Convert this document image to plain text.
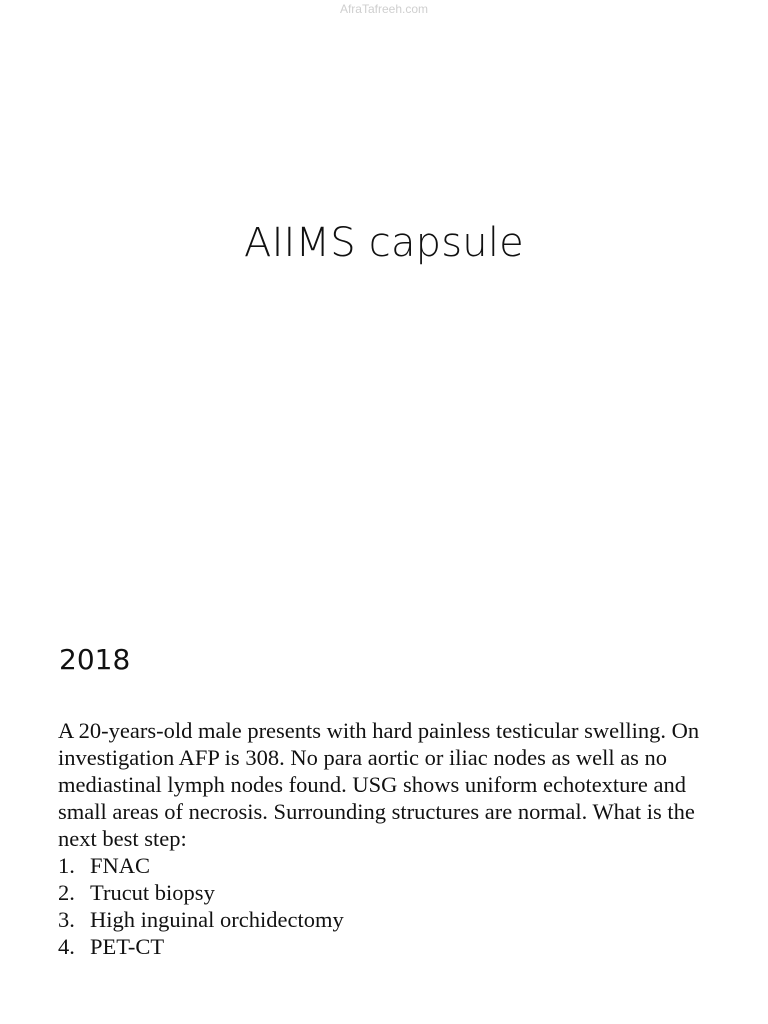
AfraTafreeh.com
AIIMS capsule
2018

A 20-years-old male presents with hard painless testicular swelling. On investigation AFP is 308. No para aortic or iliac nodes as well as no mediastinal lymph nodes found. USG shows uniform echotexture and small areas of necrosis. Surrounding structures are normal. What is the next best step:

1. FNAC
2. Trucut biopsy
3. High inguinal orchidectomy
4. PET-CT
